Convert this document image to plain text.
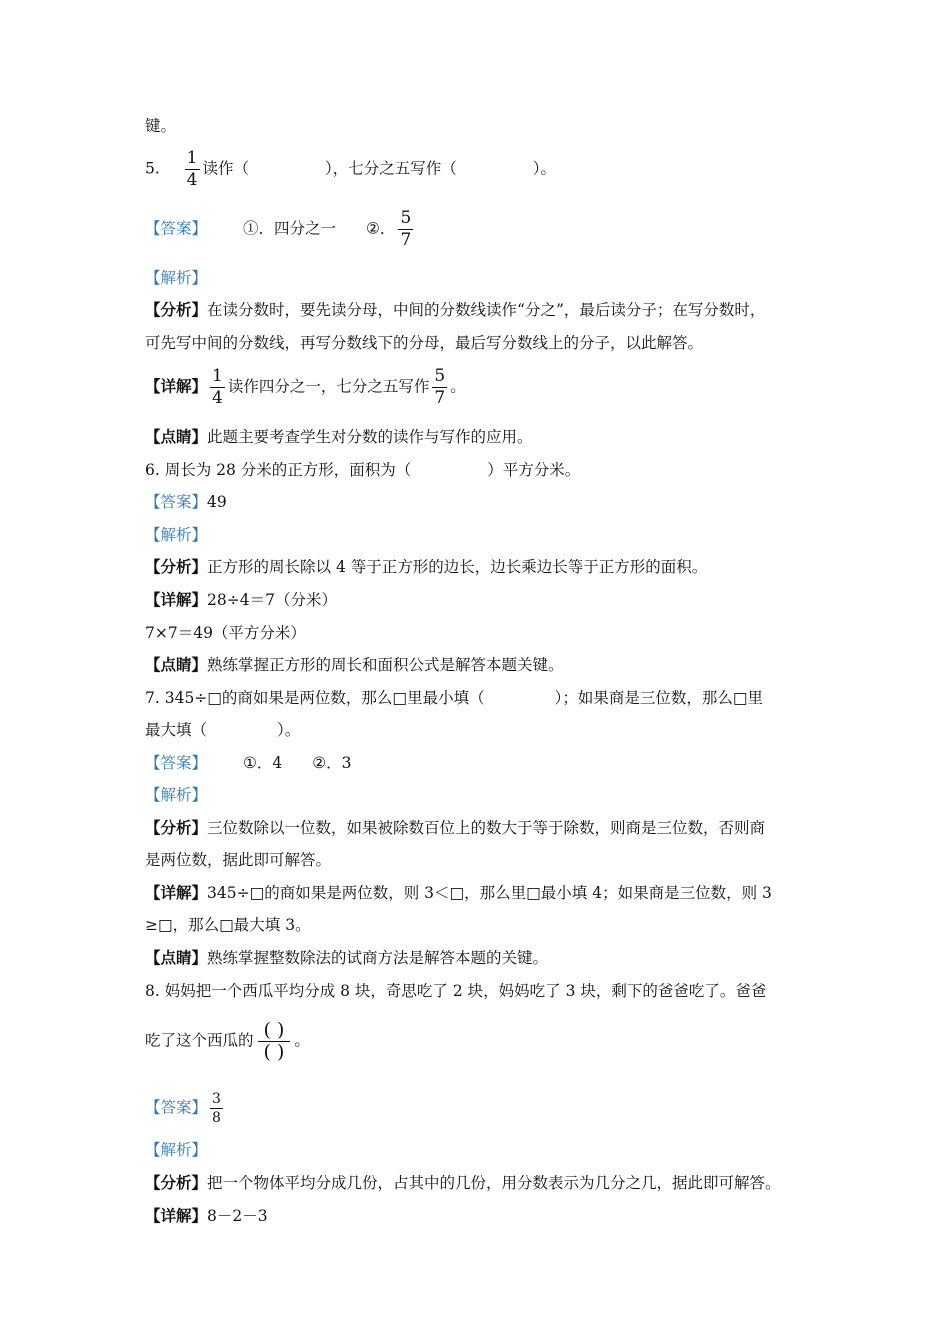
键。
5. $\frac{1}{4}$ 读作（	），七分之五写作（	）。
【答案】 ①．四分之一 ②． $\frac{5}{7}$
【解析】
【分析】在读分数时，要先读分母，中间的分数线读作“分之”，最后读分子；在写分数时，
可先写中间的分数线，再写分数线下的分母，最后写分数线上的分子，以此解答。
【详解】 $\frac{1}{4}$ 读作四分之一，七分之五写作 $\frac{5}{7}$ 。
【点睛】此题主要考查学生对分数的读作与写作的应用。
6. 周长为 28 分米的正方形，面积为（	）平方分米。
【答案】49
【解析】
【分析】正方形的周长除以 4 等于正方形的边长，边长乘边长等于正方形的面积。
【详解】28÷4＝7（分米）
7×7＝49（平方分米）
【点睛】熟练掌握正方形的周长和面积公式是解答本题关键。
7. 345÷□的商如果是两位数，那么□里最小填（	）；如果商是三位数，那么□里
最大填（	）。
【答案】 ①．4 ②．3
【解析】
【分析】三位数除以一位数，如果被除数百位上的数大于等于除数，则商是三位数，否则商
是两位数，据此即可解答。
【详解】345÷□的商如果是两位数，则 3＜□，那么里□最小填 4；如果商是三位数，则 3
≥□，那么□最大填 3。
【点睛】熟练掌握整数除法的试商方法是解答本题的关键。
8. 妈妈把一个西瓜平均分成 8 块，奇思吃了 2 块，妈妈吃了 3 块，剩下的爸爸吃了。爸爸
吃了这个西瓜的 ( )
( )
。
【答案】 $\frac{3}{8}$
【解析】
【分析】把一个物体平均分成几份，占其中的几份，用分数表示为几分之几，据此即可解答。
【详解】8－2－3
